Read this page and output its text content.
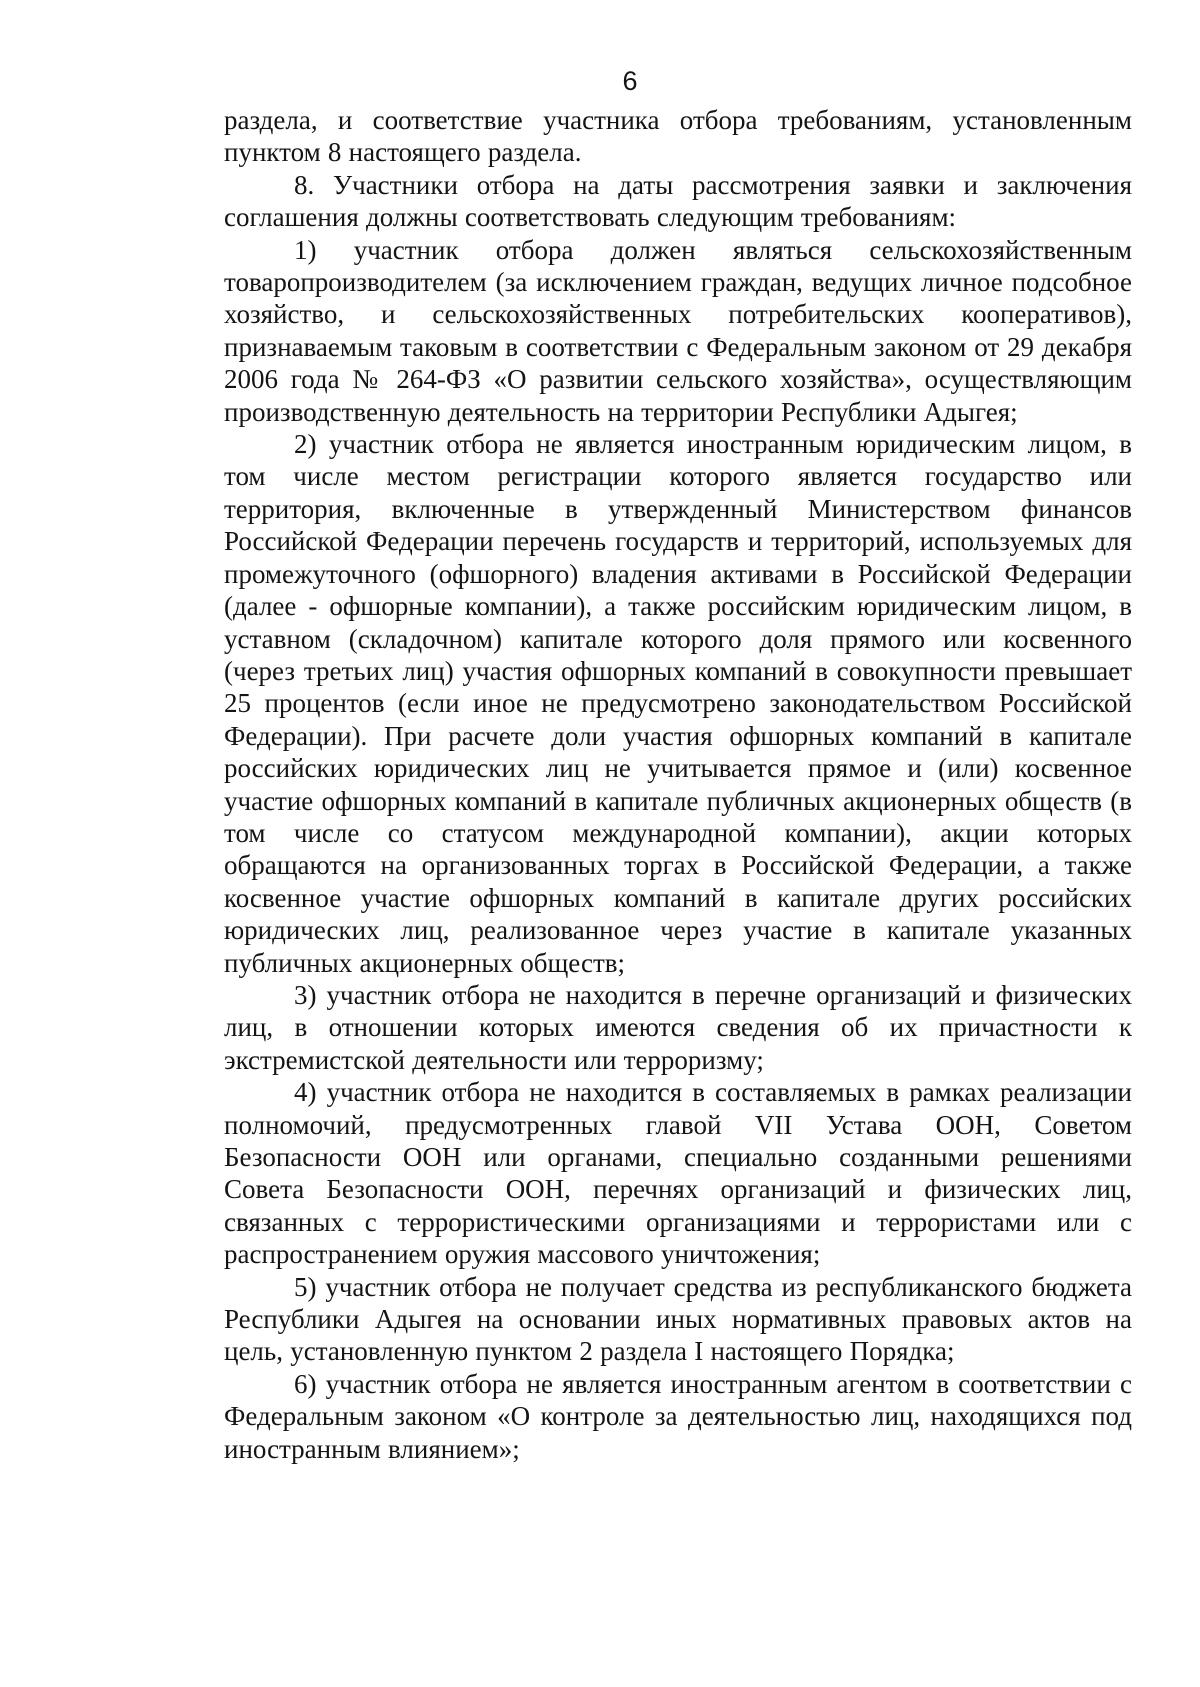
6

раздела, и соответствие участника отбора требованиям, установленным пунктом 8 настоящего раздела.

8. Участники отбора на даты рассмотрения заявки и заключения соглашения должны соответствовать следующим требованиям:

1) участник отбора должен являться сельскохозяйственным товаропроизводителем (за исключением граждан, ведущих личное подсобное хозяйство, и сельскохозяйственных потребительских кооперативов), признаваемым таковым в соответствии с Федеральным законом от 29 декабря 2006 года № 264-ФЗ «О развитии сельского хозяйства», осуществляющим производственную деятельность на территории Республики Адыгея;

2) участник отбора не является иностранным юридическим лицом, в том числе местом регистрации которого является государство или территория, включенные в утвержденный Министерством финансов Российской Федерации перечень государств и территорий, используемых для промежуточного (офшорного) владения активами в Российской Федерации (далее - офшорные компании), а также российским юридическим лицом, в уставном (складочном) капитале которого доля прямого или косвенного (через третьих лиц) участия офшорных компаний в совокупности превышает 25 процентов (если иное не предусмотрено законодательством Российской Федерации). При расчете доли участия офшорных компаний в капитале российских юридических лиц не учитывается прямое и (или) косвенное участие офшорных компаний в капитале публичных акционерных обществ (в том числе со статусом международной компании), акции которых обращаются на организованных торгах в Российской Федерации, а также косвенное участие офшорных компаний в капитале других российских юридических лиц, реализованное через участие в капитале указанных публичных акционерных обществ;

3) участник отбора не находится в перечне организаций и физических лиц, в отношении которых имеются сведения об их причастности к экстремистской деятельности или терроризму;

4) участник отбора не находится в составляемых в рамках реализации полномочий, предусмотренных главой VII Устава ООН, Советом Безопасности ООН или органами, специально созданными решениями Совета Безопасности ООН, перечнях организаций и физических лиц, связанных с террористическими организациями и террористами или с распространением оружия массового уничтожения;

5) участник отбора не получает средства из республиканского бюджета Республики Адыгея на основании иных нормативных правовых актов на цель, установленную пунктом 2 раздела I настоящего Порядка;

6) участник отбора не является иностранным агентом в соответствии с Федеральным законом «О контроле за деятельностью лиц, находящихся под иностранным влиянием»;
